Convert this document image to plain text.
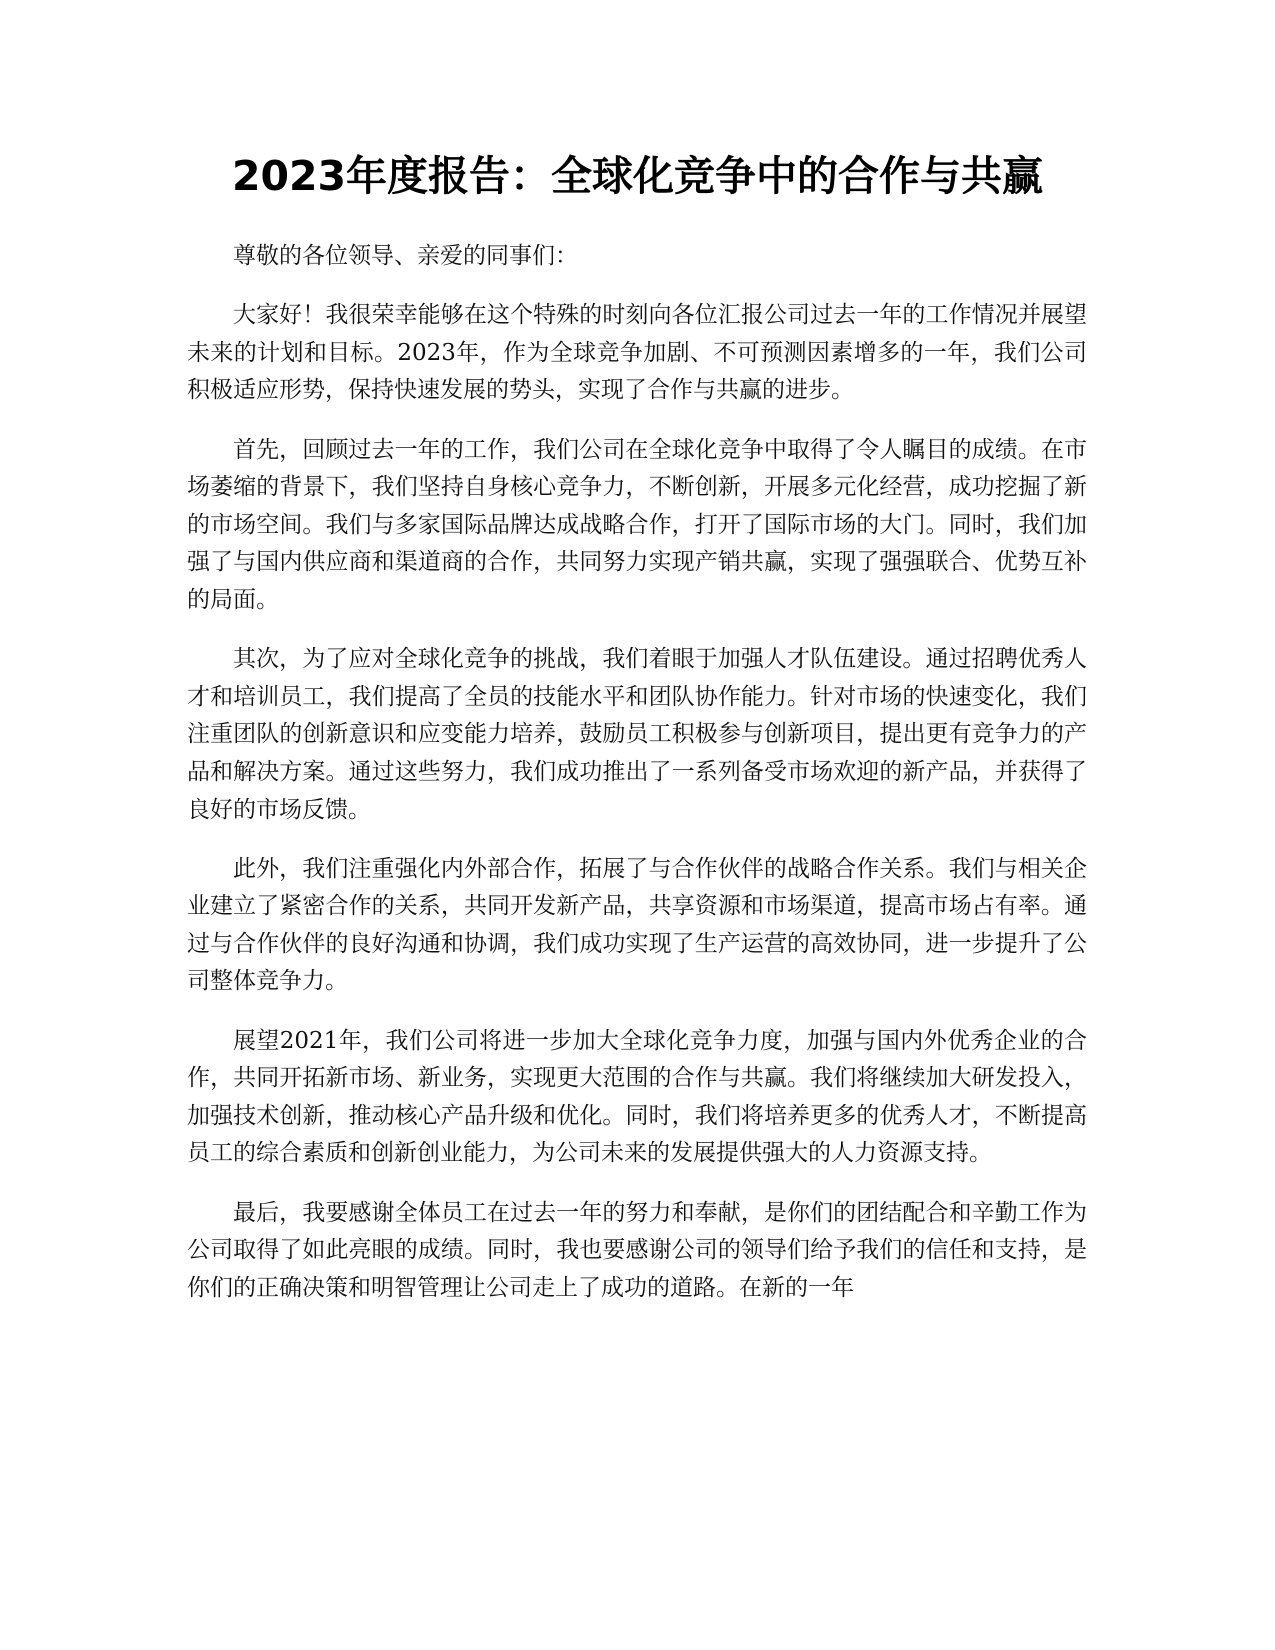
2023年度报告：全球化竞争中的合作与共赢

尊敬的各位领导、亲爱的同事们：

大家好！我很荣幸能够在这个特殊的时刻向各位汇报公司过去一年的工作情况并展望未来的计划和目标。2023年，作为全球竞争加剧、不可预测因素增多的一年，我们公司积极适应形势，保持快速发展的势头，实现了合作与共赢的进步。

首先，回顾过去一年的工作，我们公司在全球化竞争中取得了令人瞩目的成绩。在市场萎缩的背景下，我们坚持自身核心竞争力，不断创新，开展多元化经营，成功挖掘了新的市场空间。我们与多家国际品牌达成战略合作，打开了国际市场的大门。同时，我们加强了与国内供应商和渠道商的合作，共同努力实现产销共赢，实现了强强联合、优势互补的局面。

其次，为了应对全球化竞争的挑战，我们着眼于加强人才队伍建设。通过招聘优秀人才和培训员工，我们提高了全员的技能水平和团队协作能力。针对市场的快速变化，我们注重团队的创新意识和应变能力培养，鼓励员工积极参与创新项目，提出更有竞争力的产品和解决方案。通过这些努力，我们成功推出了一系列备受市场欢迎的新产品，并获得了良好的市场反馈。

此外，我们注重强化内外部合作，拓展了与合作伙伴的战略合作关系。我们与相关企业建立了紧密合作的关系，共同开发新产品，共享资源和市场渠道，提高市场占有率。通过与合作伙伴的良好沟通和协调，我们成功实现了生产运营的高效协同，进一步提升了公司整体竞争力。

展望2021年，我们公司将进一步加大全球化竞争力度，加强与国内外优秀企业的合作，共同开拓新市场、新业务，实现更大范围的合作与共赢。我们将继续加大研发投入，加强技术创新，推动核心产品升级和优化。同时，我们将培养更多的优秀人才，不断提高员工的综合素质和创新创业能力，为公司未来的发展提供强大的人力资源支持。

最后，我要感谢全体员工在过去一年的努力和奉献，是你们的团结配合和辛勤工作为公司取得了如此亮眼的成绩。同时，我也要感谢公司的领导们给予我们的信任和支持，是你们的正确决策和明智管理让公司走上了成功的道路。在新的一年
